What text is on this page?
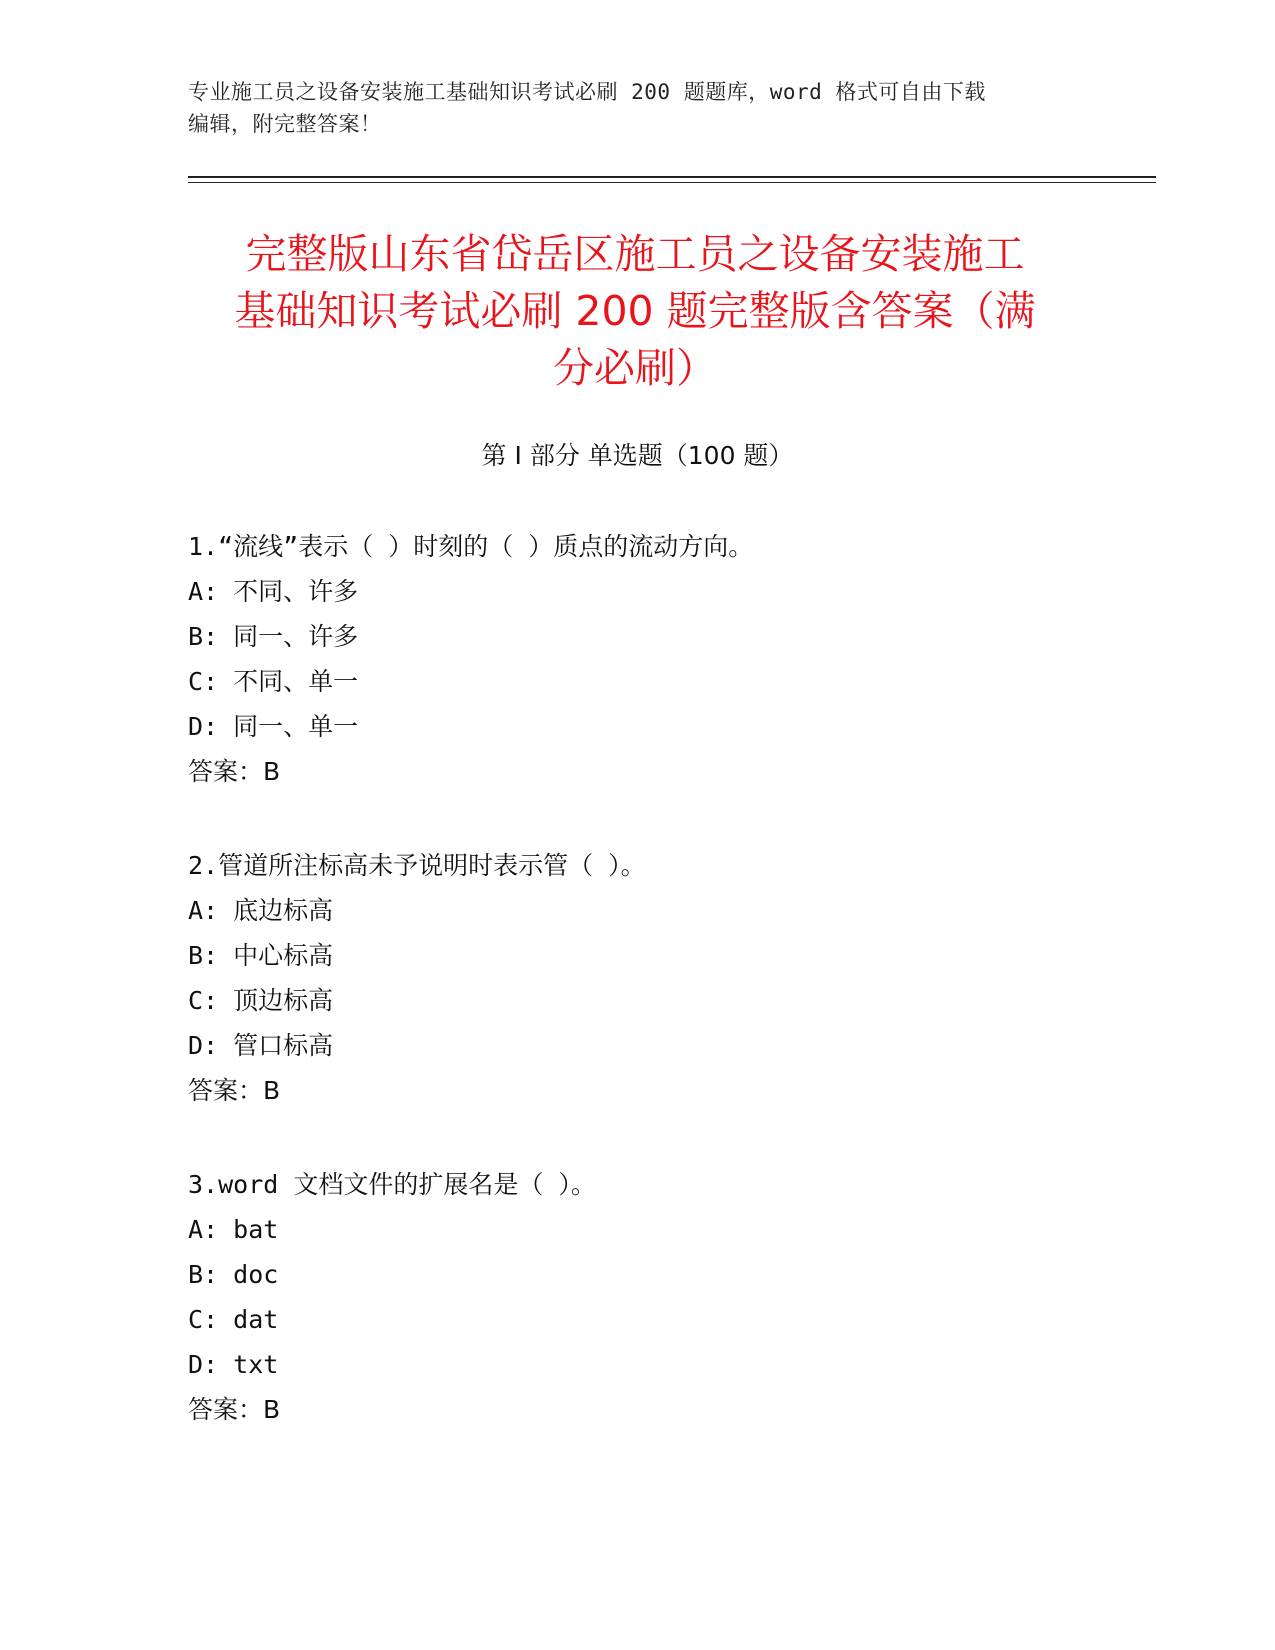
专业施工员之设备安装施工基础知识考试必刷 200 题题库，word 格式可自由下载
编辑，附完整答案！
完整版山东省岱岳区施工员之设备安装施工
基础知识考试必刷 200 题完整版含答案（满
分必刷）
第 I 部分 单选题（100 题）
1.“流线”表示（ ）时刻的（ ）质点的流动方向。
A: 不同、许多
B: 同一、许多
C: 不同、单一
D: 同一、单一
答案：B
2.管道所注标高未予说明时表示管（ ）。
A: 底边标高
B: 中心标高
C: 顶边标高
D: 管口标高
答案：B
3.word 文档文件的扩展名是（ ）。
A: bat
B: doc
C: dat
D: txt
答案：B
